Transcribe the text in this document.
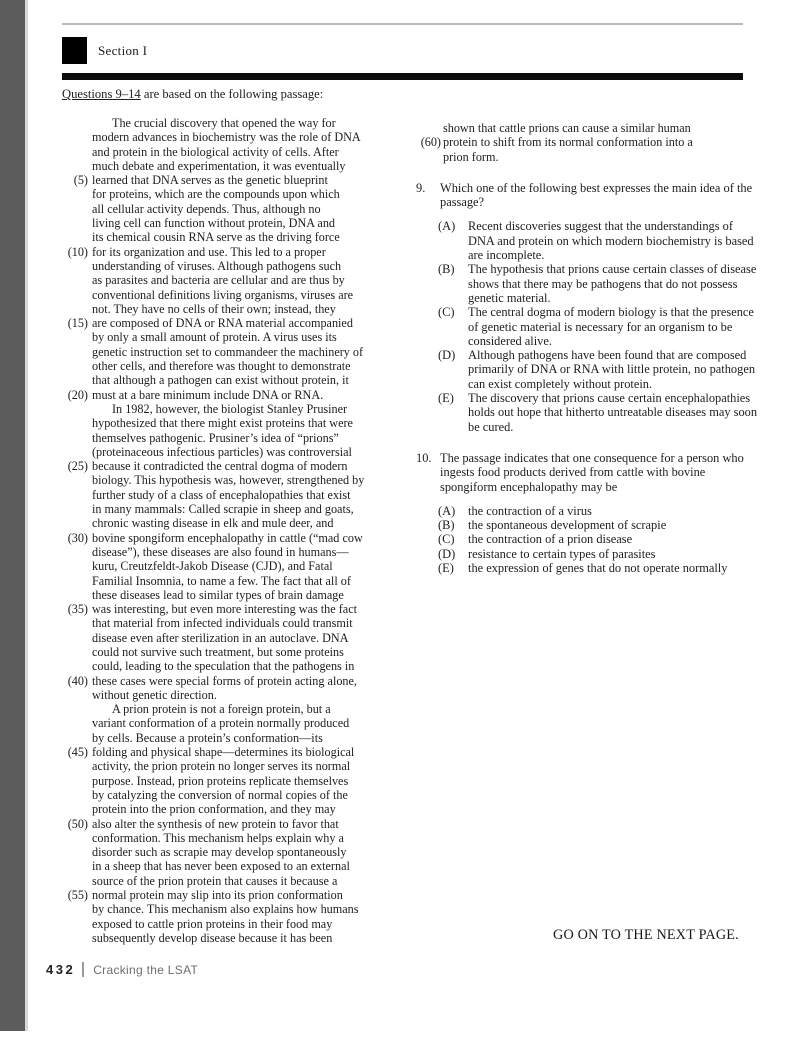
Section I

Questions 9–14 are based on the following passage:

The crucial discovery that opened the way for
modern advances in biochemistry was the role of DNA
and protein in the biological activity of cells. After
much debate and experimentation, it was eventually
(5) learned that DNA serves as the genetic blueprint
for proteins, which are the compounds upon which
all cellular activity depends. Thus, although no
living cell can function without protein, DNA and
its chemical cousin RNA serve as the driving force
(10) for its organization and use. This led to a proper
understanding of viruses. Although pathogens such
as parasites and bacteria are cellular and are thus by
conventional definitions living organisms, viruses are
not. They have no cells of their own; instead, they
(15) are composed of DNA or RNA material accompanied
by only a small amount of protein. A virus uses its
genetic instruction set to commandeer the machinery of
other cells, and therefore was thought to demonstrate
that although a pathogen can exist without protein, it
(20) must at a bare minimum include DNA or RNA.
In 1982, however, the biologist Stanley Prusiner
hypothesized that there might exist proteins that were
themselves pathogenic. Prusiner’s idea of “prions”
(proteinaceous infectious particles) was controversial
(25) because it contradicted the central dogma of modern
biology. This hypothesis was, however, strengthened by
further study of a class of encephalopathies that exist
in many mammals: Called scrapie in sheep and goats,
chronic wasting disease in elk and mule deer, and
(30) bovine spongiform encephalopathy in cattle (“mad cow
disease”), these diseases are also found in humans—
kuru, Creutzfeldt-Jakob Disease (CJD), and Fatal
Familial Insomnia, to name a few. The fact that all of
these diseases lead to similar types of brain damage
(35) was interesting, but even more interesting was the fact
that material from infected individuals could transmit
disease even after sterilization in an autoclave. DNA
could not survive such treatment, but some proteins
could, leading to the speculation that the pathogens in
(40) these cases were special forms of protein acting alone,
without genetic direction.
A prion protein is not a foreign protein, but a
variant conformation of a protein normally produced
by cells. Because a protein’s conformation—its
(45) folding and physical shape—determines its biological
activity, the prion protein no longer serves its normal
purpose. Instead, prion proteins replicate themselves
by catalyzing the conversion of normal copies of the
protein into the prion conformation, and they may
(50) also alter the synthesis of new protein to favor that
conformation. This mechanism helps explain why a
disorder such as scrapie may develop spontaneously
in a sheep that has never been exposed to an external
source of the prion protein that causes it because a
(55) normal protein may slip into its prion conformation
by chance. This mechanism also explains how humans
exposed to cattle prion proteins in their food may
subsequently develop disease because it has been
shown that cattle prions can cause a similar human
(60) protein to shift from its normal conformation into a
prion form.
9.	Which one of the following best expresses the main idea of the passage?
(A)	Recent discoveries suggest that the understandings of DNA and protein on which modern biochemistry is based are incomplete.
(B)	The hypothesis that prions cause certain classes of disease shows that there may be pathogens that do not possess genetic material.
(C)	The central dogma of modern biology is that the presence of genetic material is necessary for an organism to be considered alive.
(D)	Although pathogens have been found that are composed primarily of DNA or RNA with little protein, no pathogen can exist completely without protein.
(E)	The discovery that prions cause certain encephalopathies holds out hope that hitherto untreatable diseases may soon be cured.
10. The passage indicates that one consequence for a person who ingests food products derived from cattle with bovine spongiform encephalopathy may be
(A)	the contraction of a virus
(B)	the spontaneous development of scrapie
(C)	the contraction of a prion disease
(D)	resistance to certain types of parasites
(E)	the expression of genes that do not operate normally
GO ON TO THE NEXT PAGE.
432 Cracking the LSAT
